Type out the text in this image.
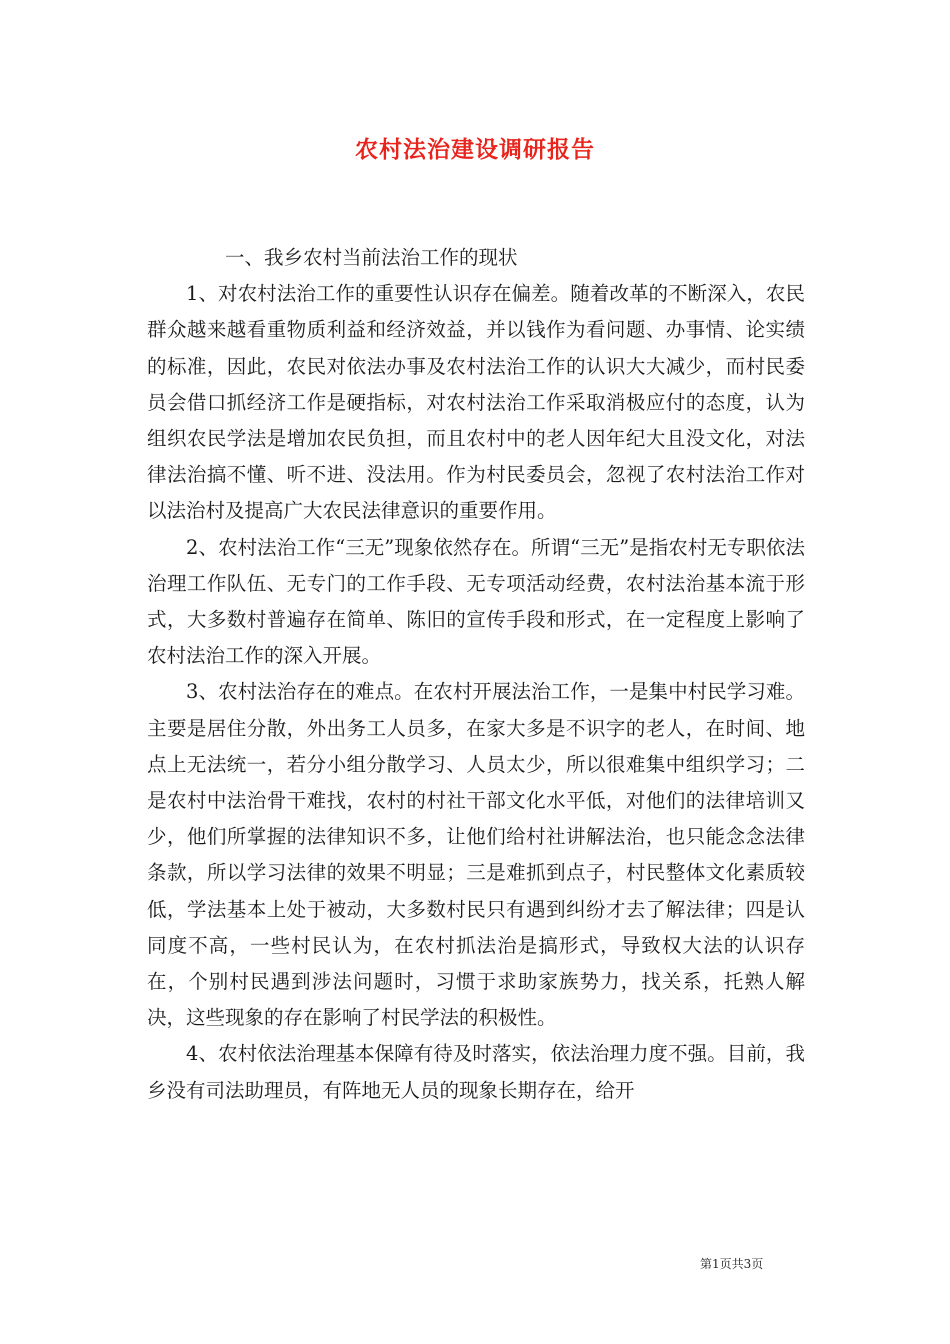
农村法治建设调研报告
一、我乡农村当前法治工作的现状

1、对农村法治工作的重要性认识存在偏差。随着改革的不断深入，农民群众越来越看重物质利益和经济效益，并以钱作为看问题、办事情、论实绩的标准，因此，农民对依法办事及农村法治工作的认识大大减少，而村民委员会借口抓经济工作是硬指标，对农村法治工作采取消极应付的态度，认为组织农民学法是增加农民负担，而且农村中的老人因年纪大且没文化，对法律法治搞不懂、听不进、没法用。作为村民委员会，忽视了农村法治工作对以法治村及提高广大农民法律意识的重要作用。

2、农村法治工作“三无”现象依然存在。所谓“三无”是指农村无专职依法治理工作队伍、无专门的工作手段、无专项活动经费，农村法治基本流于形式，大多数村普遍存在简单、陈旧的宣传手段和形式，在一定程度上影响了农村法治工作的深入开展。

3、农村法治存在的难点。在农村开展法治工作，一是集中村民学习难。主要是居住分散，外出务工人员多，在家大多是不识字的老人，在时间、地点上无法统一，若分小组分散学习、人员太少，所以很难集中组织学习；二是农村中法治骨干难找，农村的村社干部文化水平低，对他们的法律培训又少，他们所掌握的法律知识不多，让他们给村社讲解法治，也只能念念法律条款，所以学习法律的效果不明显；三是难抓到点子，村民整体文化素质较低，学法基本上处于被动，大多数村民只有遇到纠纷才去了解法律；四是认同度不高，一些村民认为，在农村抓法治是搞形式，导致权大法的认识存在，个别村民遇到涉法问题时，习惯于求助家族势力，找关系，托熟人解决，这些现象的存在影响了村民学法的积极性。

4、农村依法治理基本保障有待及时落实，依法治理力度不强。目前，我乡没有司法助理员，有阵地无人员的现象长期存在，给开

第1页共3页
